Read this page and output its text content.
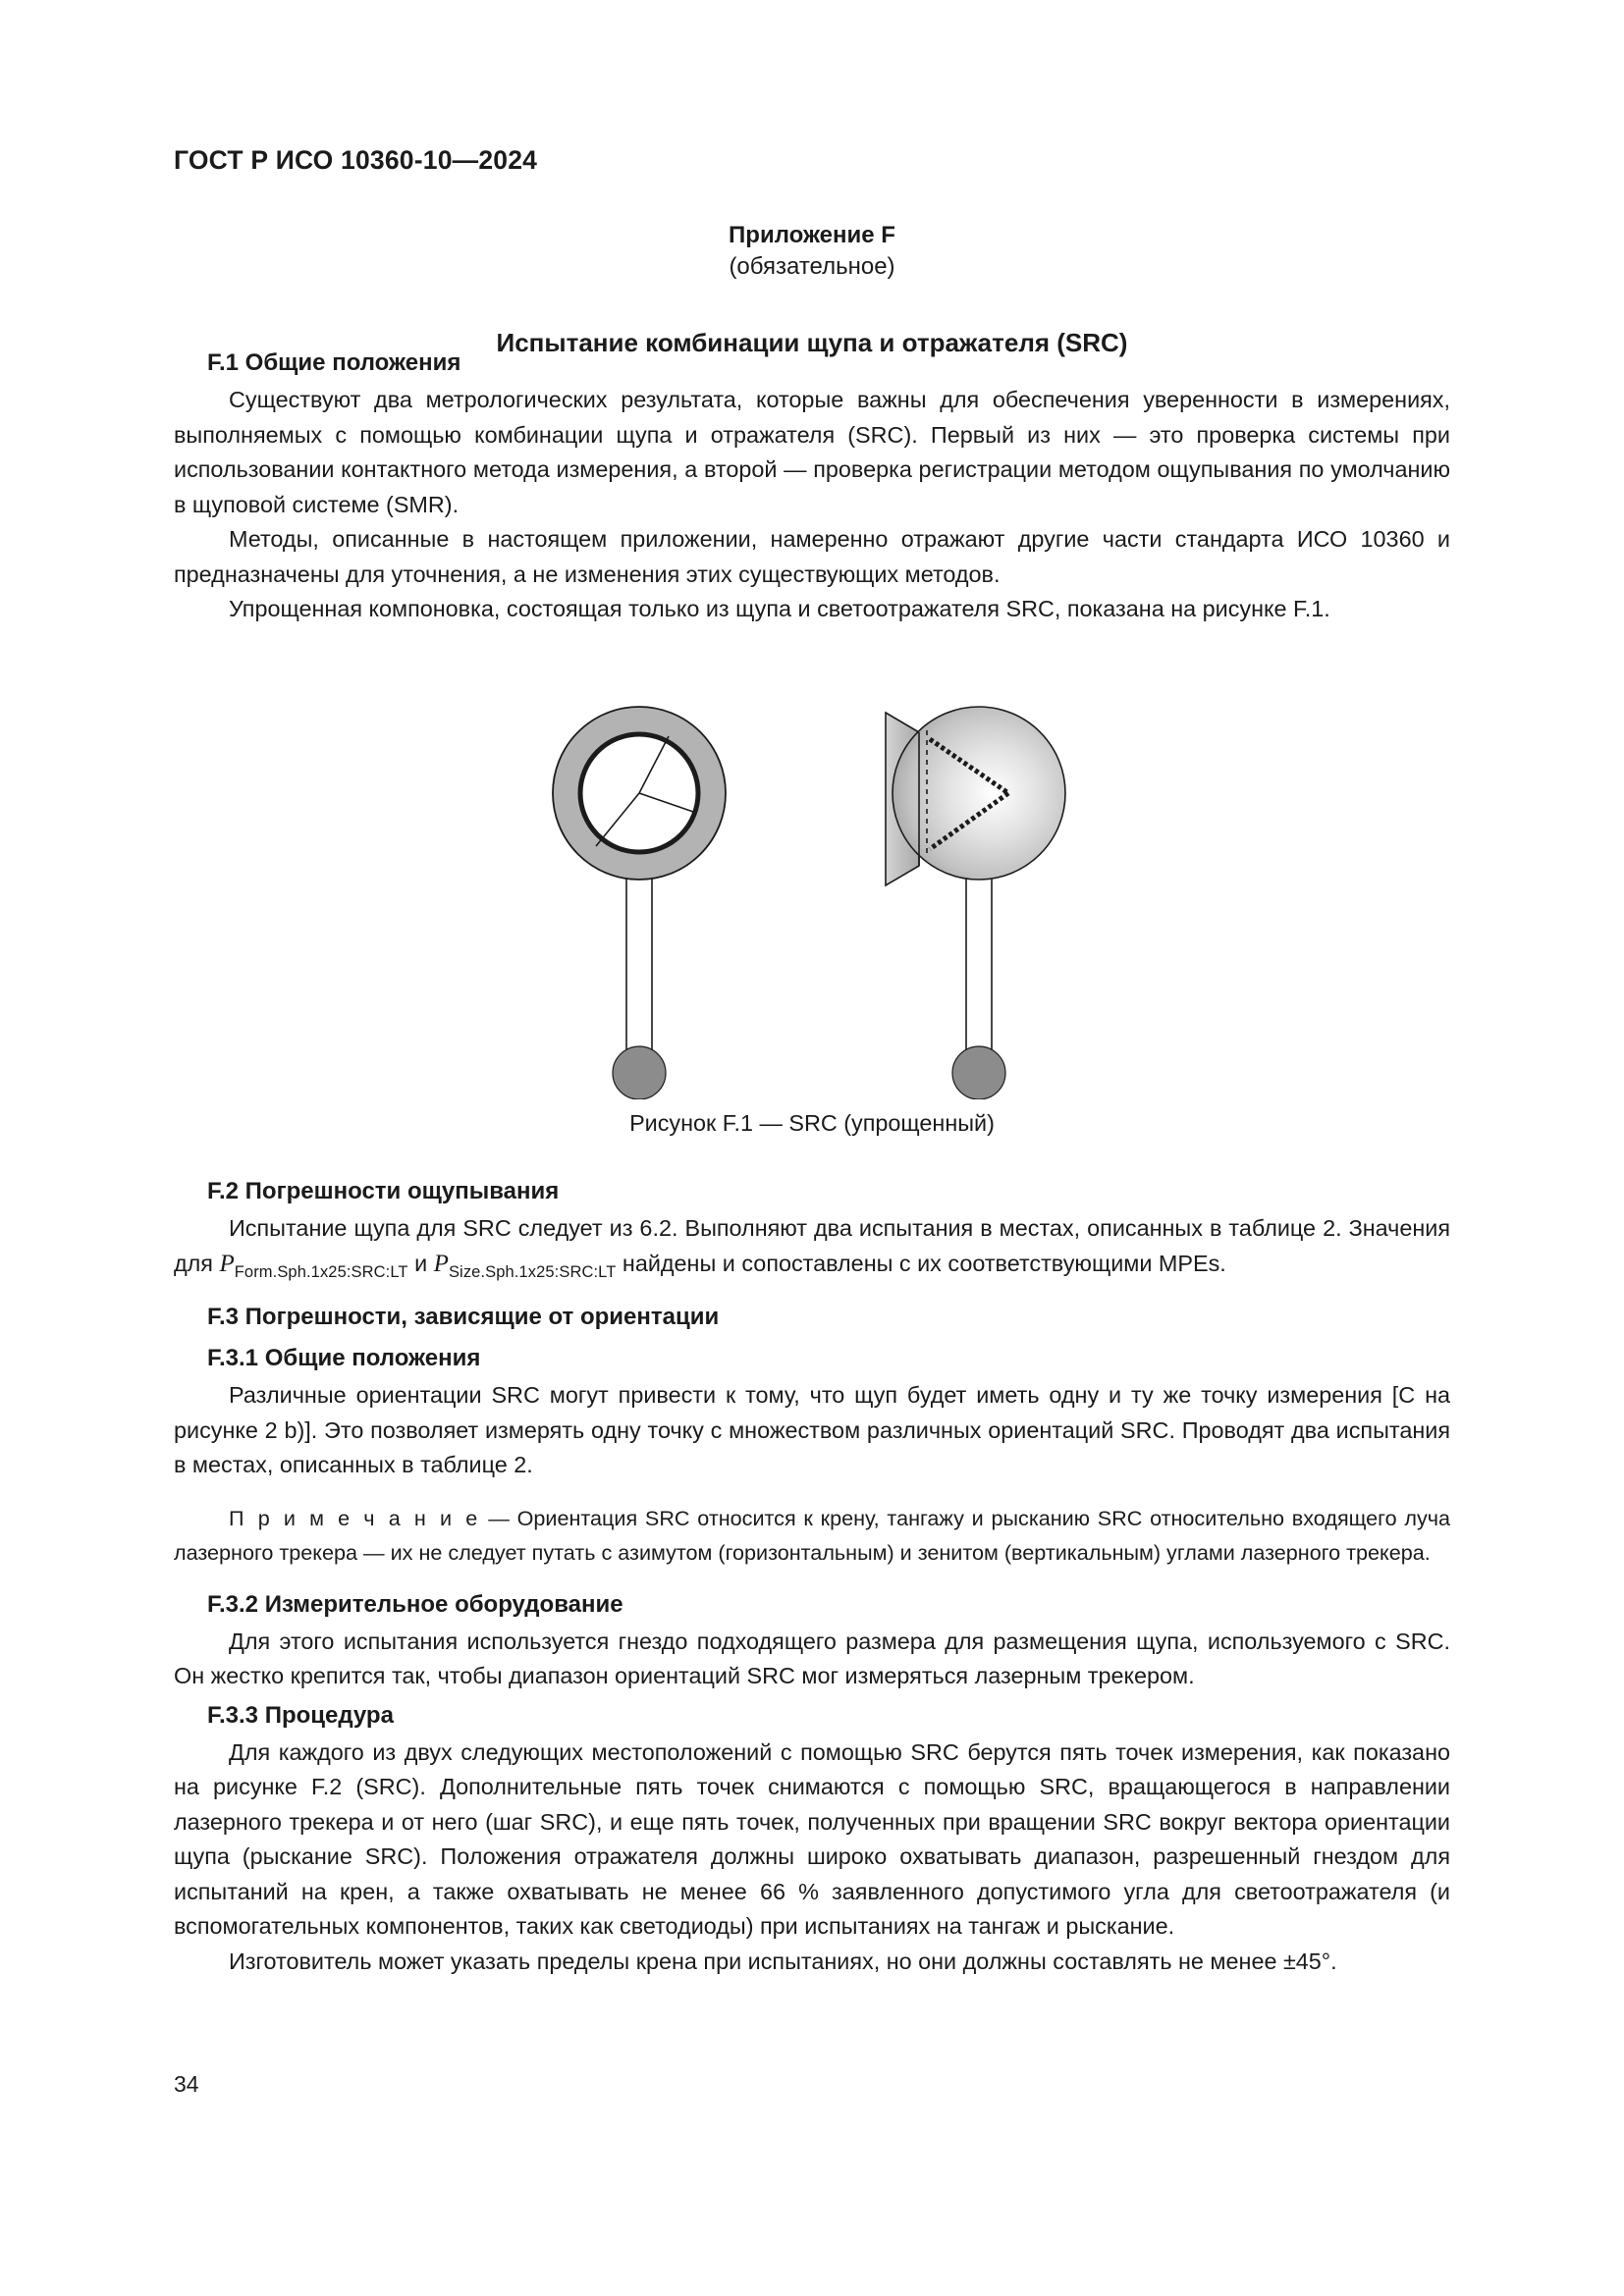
ГОСТ Р ИСО 10360-10—2024
Приложение F
(обязательное)
Испытание комбинации щупа и отражателя (SRC)
F.1 Общие положения

Существуют два метрологических результата, которые важны для обеспечения уверенности в измерениях, выполняемых с помощью комбинации щупа и отражателя (SRC). Первый из них — это проверка системы при использовании контактного метода измерения, а второй — проверка регистрации методом ощупывания по умолчанию в щуповой системе (SMR).

Методы, описанные в настоящем приложении, намеренно отражают другие части стандарта ИСО 10360 и предназначены для уточнения, а не изменения этих существующих методов.

Упрощенная компоновка, состоящая только из щупа и светоотражателя SRC, показана на рисунке F.1.

Рисунок F.1 — SRC (упрощенный)
F.2 Погрешности ощупывания

Испытание щупа для SRC следует из 6.2. Выполняют два испытания в местах, описанных в таблице 2. Значения для $P_{Form.Sph.1x25:SRC:LT}$ и $P_{Size.Sph.1x25:SRC:LT}$ найдены и сопоставлены с их соответствующими MPEs.

F.3 Погрешности, зависящие от ориентации
F.3.1 Общие положения

Различные ориентации SRC могут привести к тому, что щуп будет иметь одну и ту же точку измерения [C на рисунке 2 b)]. Это позволяет измерять одну точку с множеством различных ориентаций SRC. Проводят два испытания в местах, описанных в таблице 2.

П р и м е ч а н и е — Ориентация SRC относится к крену, тангажу и рысканию SRC относительно входящего луча лазерного трекера — их не следует путать с азимутом (горизонтальным) и зенитом (вертикальным) углами лазерного трекера.

F.3.2 Измерительное оборудование

Для этого испытания используется гнездо подходящего размера для размещения щупа, используемого с SRC. Он жестко крепится так, чтобы диапазон ориентаций SRC мог измеряться лазерным трекером.

F.3.3 Процедура

Для каждого из двух следующих местоположений с помощью SRC берутся пять точек измерения, как показано на рисунке F.2 (SRC). Дополнительные пять точек снимаются с помощью SRC, вращающегося в направлении лазерного трекера и от него (шаг SRC), и еще пять точек, полученных при вращении SRC вокруг вектора ориентации щупа (рыскание SRC). Положения отражателя должны широко охватывать диапазон, разрешенный гнездом для испытаний на крен, а также охватывать не менее 66 % заявленного допустимого угла для светоотражателя (и вспомогательных компонентов, таких как светодиоды) при испытаниях на тангаж и рыскание.

Изготовитель может указать пределы крена при испытаниях, но они должны составлять не менее ±45°.

34
